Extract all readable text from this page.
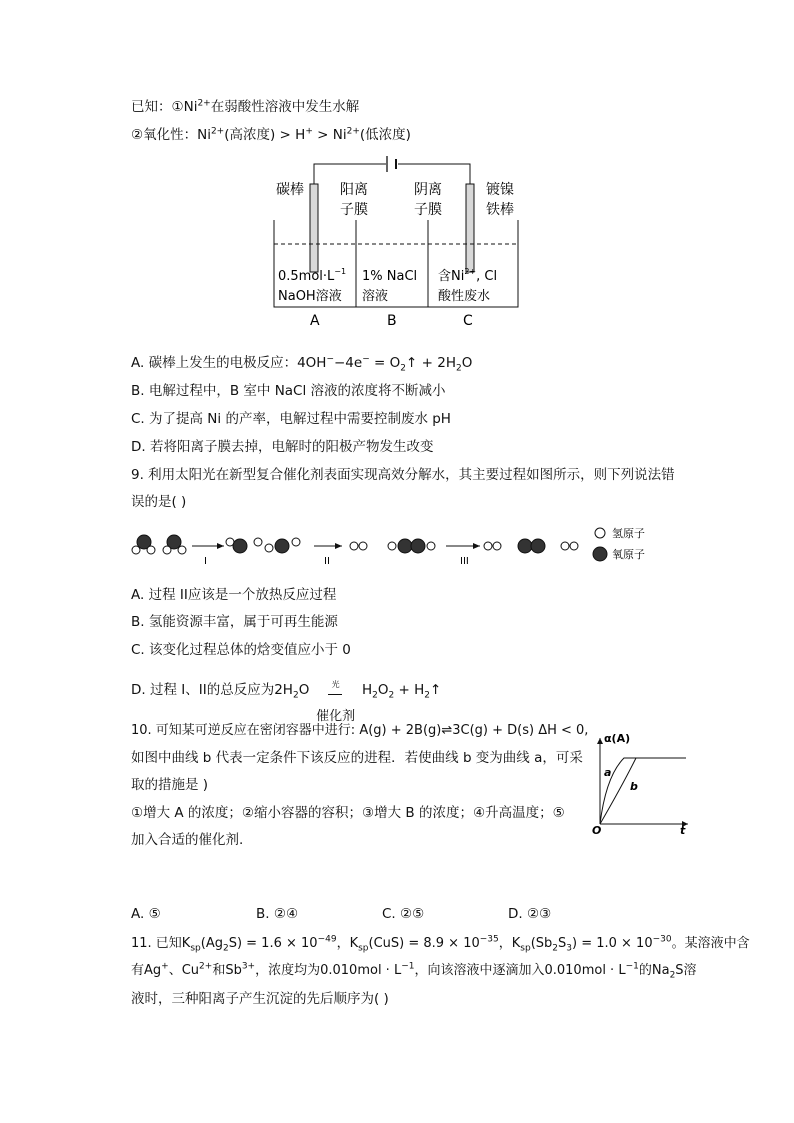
已知：$①Ni^{2+}$在弱酸性溶液中发生水解
②氧化性：$Ni^{2+}$(高浓度) > $H^+ > Ni^{2+}$(低浓度)
碳棒	阳离
子膜
阴离
子膜
镀镍
铁棒
$0.5mol\cdot L^{-1}$
NaOH溶液
1% NaCl
溶液
含$Ni^{2+}$, Cl
酸性废水
A	B	C
A. 碳棒上发生的电极反应：$4OH^--4e^- = O_2↑ + 2H_2O$
B. 电解过程中，B 室中 NaCl 溶液的浓度将不断减小
C. 为了提高 Ni 的产率，电解过程中需要控制废水 pH
D. 若将阳离子膜去掉，电解时的阳极产物发生改变
9. 利用太阳光在新型复合催化剂表面实现高效分解水，其主要过程如图所示，则下列说法错
误的是( )
I	II	III
氢原子
氧原子
A. 过程 II应该是一个放热反应过程
B. 氢能资源丰富，属于可再生能源
C. 该变化过程总体的焓变值应小于 0
D. 过程 I、II的总反应为$2H_2O$	光
催化剂
$H_2O_2$ + $H_2↑$
10. 可知某可逆反应在密闭容器中进行: A(g) + 2B(g)⇌3C(g) + D(s) ΔH < 0,
如图中曲线 b 代表一定条件下该反应的进程．若使曲线 b 变为曲线 a，可采
取的措施是 )
①增大 A 的浓度；②缩小容器的容积；③增大 B 的浓度；④升高温度；⑤
加入合适的催化剂.
α(A)
O	t
a
b
A. ⑤	B. ②④	C. ②⑤	D. ②③
11. 已知$K_{sp}(Ag_2S) = 1.6 \times 10^{-49}$，$K_{sp}(CuS) = 8.9 \times 10^{-35}$，$K_{sp}(Sb_2S_3) = 1.0 \times 10^{-30}$。某溶液中含
有Ag+、$Cu^{2+}$和$Sb^{3+}$，浓度均为$0.010mol \cdot L^{-1}$，向该溶液中逐滴加入$0.010mol \cdot L^{-1}$的$Na_2S$溶
液时，三种阳离子产生沉淀的先后顺序为( )
